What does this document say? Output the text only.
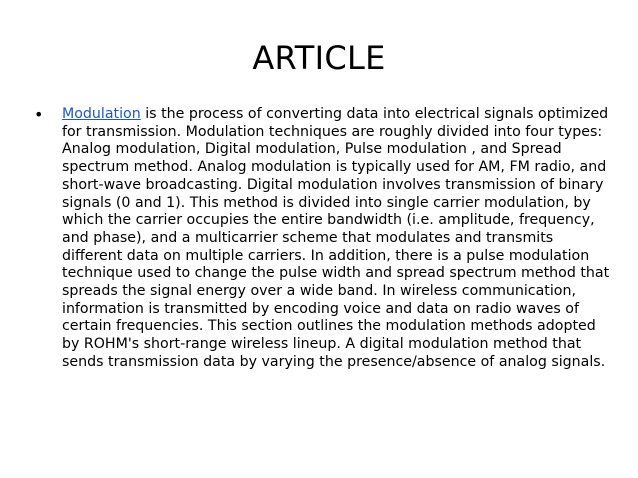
ARTICLE
•	Modulation is the process of converting data into electrical signals optimized for transmission. Modulation techniques are roughly divided into four types: Analog modulation, Digital modulation, Pulse modulation , and Spread spectrum method. Analog modulation is typically used for AM, FM radio, and short-wave broadcasting. Digital modulation involves transmission of binary signals (0 and 1). This method is divided into single carrier modulation, by which the carrier occupies the entire bandwidth (i.e. amplitude, frequency, and phase), and a multicarrier scheme that modulates and transmits different data on multiple carriers. In addition, there is a pulse modulation technique used to change the pulse width and spread spectrum method that spreads the signal energy over a wide band. In wireless communication, information is transmitted by encoding voice and data on radio waves of certain frequencies. This section outlines the modulation methods adopted by ROHM's short-range wireless lineup. A digital modulation method that sends transmission data by varying the presence/absence of analog signals.
